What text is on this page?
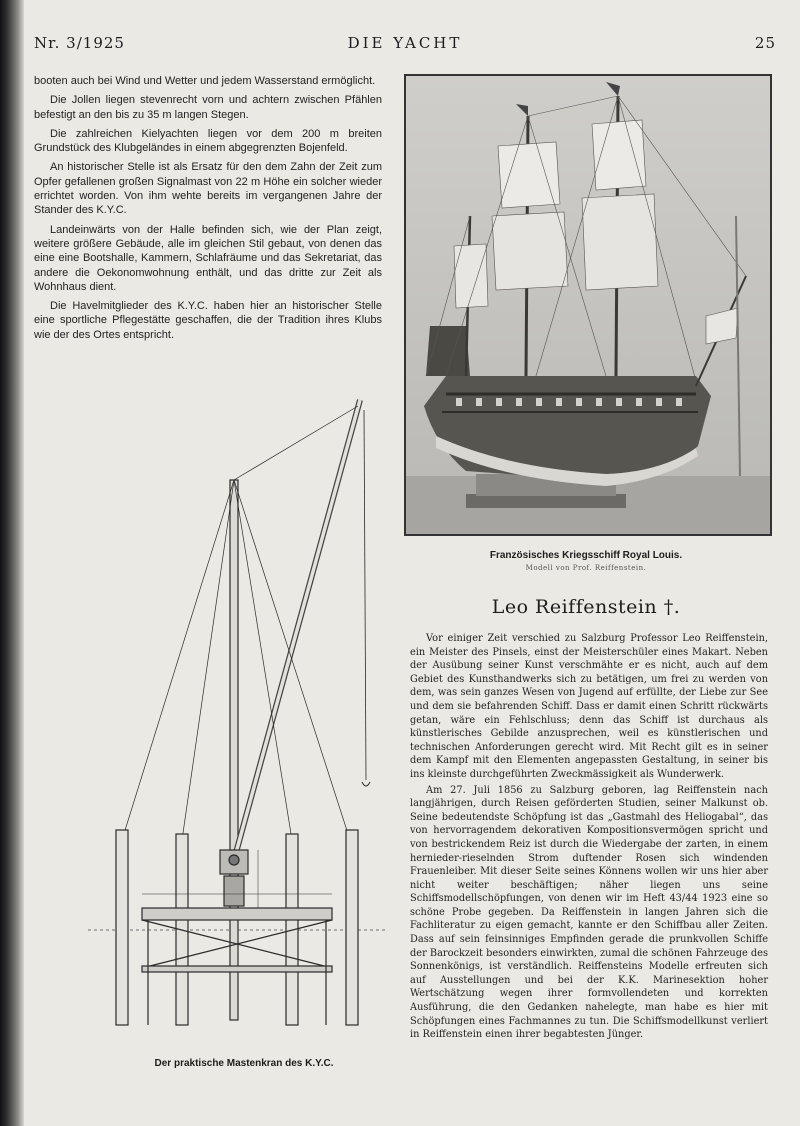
Nr. 3/1925	DIE YACHT	25

booten auch bei Wind und Wetter und jedem Wasserstand ermöglicht.

Die Jollen liegen stevenrecht vorn und achtern zwischen Pfählen befestigt an den bis zu 35 m langen Stegen.

Die zahlreichen Kielyachten liegen vor dem 200 m breiten Grundstück des Klubgeländes in einem abgegrenzten Bojenfeld.

An historischer Stelle ist als Ersatz für den dem Zahn der Zeit zum Opfer gefallenen großen Signalmast von 22 m Höhe ein solcher wieder errichtet worden. Von ihm wehte bereits im vergangenen Jahre der Stander des K.Y.C.

Landeinwärts von der Halle befinden sich, wie der Plan zeigt, weitere größere Gebäude, alle im gleichen Stil gebaut, von denen das eine eine Bootshalle, Kammern, Schlafräume und das Sekretariat, das andere die Oekonomwohnung enthält, und das dritte zur Zeit als Wohnhaus dient.

Die Havelmitglieder des K.Y.C. haben hier an historischer Stelle eine sportliche Pflegestätte geschaffen, die der Tradition ihres Klubs wie der des Ortes entspricht.

Französisches Kriegsschiff Royal Louis.
Modell von Prof. Reiffenstein.
Der praktische Mastenkran des K.Y.C.
Leo Reiffenstein †.

Vor einiger Zeit verschied zu Salzburg Professor Leo Reiffenstein, ein Meister des Pinsels, einst der Meisterschüler eines Makart. Neben der Ausübung seiner Kunst verschmähte er es nicht, auch auf dem Gebiet des Kunsthandwerks sich zu betätigen, um frei zu werden von dem, was sein ganzes Wesen von Jugend auf erfüllte, der Liebe zur See und dem sie befahrenden Schiff. Dass er damit einen Schritt rückwärts getan, wäre ein Fehlschluss; denn das Schiff ist durchaus als künstlerisches Gebilde anzusprechen, weil es künstlerischen und technischen Anforderungen gerecht wird. Mit Recht gilt es in seiner dem Kampf mit den Elementen angepassten Gestaltung, in seiner bis ins kleinste durchgeführten Zweckmässigkeit als Wunderwerk.

Am 27. Juli 1856 zu Salzburg geboren, lag Reiffenstein nach langjährigen, durch Reisen geförderten Studien, seiner Malkunst ob. Seine bedeutendste Schöpfung ist das „Gastmahl des Heliogabal“, das von hervorragendem dekorativen Kompositionsvermögen spricht und von bestrickendem Reiz ist durch die Wiedergabe der zarten, in einem hernieder-rieselnden Strom duftender Rosen sich windenden Frauenleiber. Mit dieser Seite seines Könnens wollen wir uns hier aber nicht weiter beschäftigen; näher liegen uns seine Schiffsmodellschöpfungen, von denen wir im Heft 43/44 1923 eine so schöne Probe gegeben. Da Reiffenstein in langen Jahren sich die Fachliteratur zu eigen gemacht, kannte er den Schiffbau aller Zeiten. Dass auf sein feinsinniges Empfinden gerade die prunkvollen Schiffe der Barockzeit besonders einwirkten, zumal die schönen Fahrzeuge des Sonnenkönigs, ist verständlich. Reiffensteins Modelle erfreuten sich auf Ausstellungen und bei der K.K. Marinesektion hoher Wertschätzung wegen ihrer formvollendeten und korrekten Ausführung, die den Gedanken nahelegte, man habe es hier mit Schöpfungen eines Fachmannes zu tun. Die Schiffsmodellkunst verliert in Reiffenstein einen ihrer begabtesten Jünger.
